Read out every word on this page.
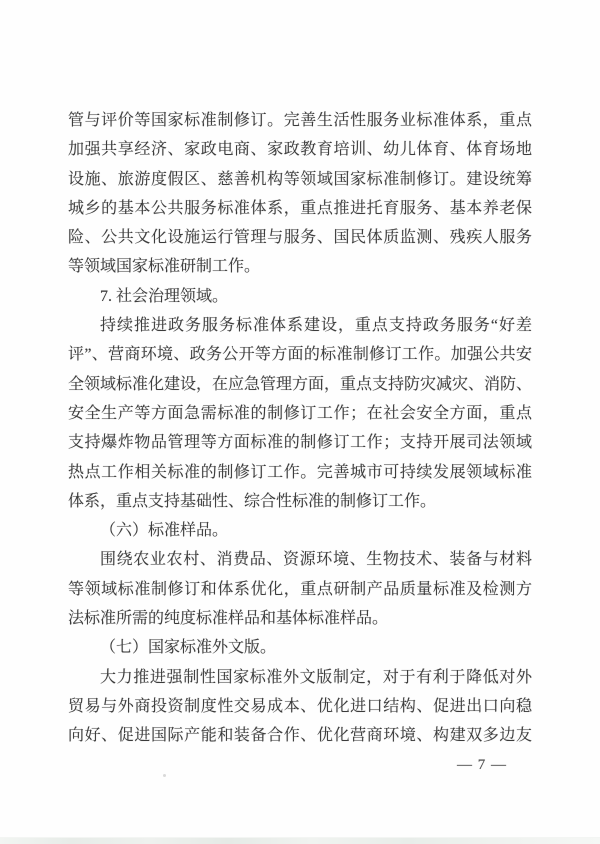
管与评价等国家标准制修订。完善生活性服务业标准体系，重点
加强共享经济、家政电商、家政教育培训、幼儿体育、体育场地
设施、旅游度假区、慈善机构等领域国家标准制修订。建设统筹
城乡的基本公共服务标准体系，重点推进托育服务、基本养老保
险、公共文化设施运行管理与服务、国民体质监测、残疾人服务
等领域国家标准研制工作。
7. 社会治理领域。
持续推进政务服务标准体系建设，重点支持政务服务“好差
评”、营商环境、政务公开等方面的标准制修订工作。加强公共安
全领域标准化建设，在应急管理方面，重点支持防灾减灾、消防、
安全生产等方面急需标准的制修订工作；在社会安全方面，重点
支持爆炸物品管理等方面标准的制修订工作；支持开展司法领域
热点工作相关标准的制修订工作。完善城市可持续发展领域标准
体系，重点支持基础性、综合性标准的制修订工作。
（六）标准样品。
围绕农业农村、消费品、资源环境、生物技术、装备与材料
等领域标准制修订和体系优化，重点研制产品质量标准及检测方
法标准所需的纯度标准样品和基体标准样品。
（七）国家标准外文版。
大力推进强制性国家标准外文版制定，对于有利于降低对外
贸易与外商投资制度性交易成本、优化进口结构、促进出口向稳
向好、促进国际产能和装备合作、优化营商环境、构建双多边友
— 7 —
